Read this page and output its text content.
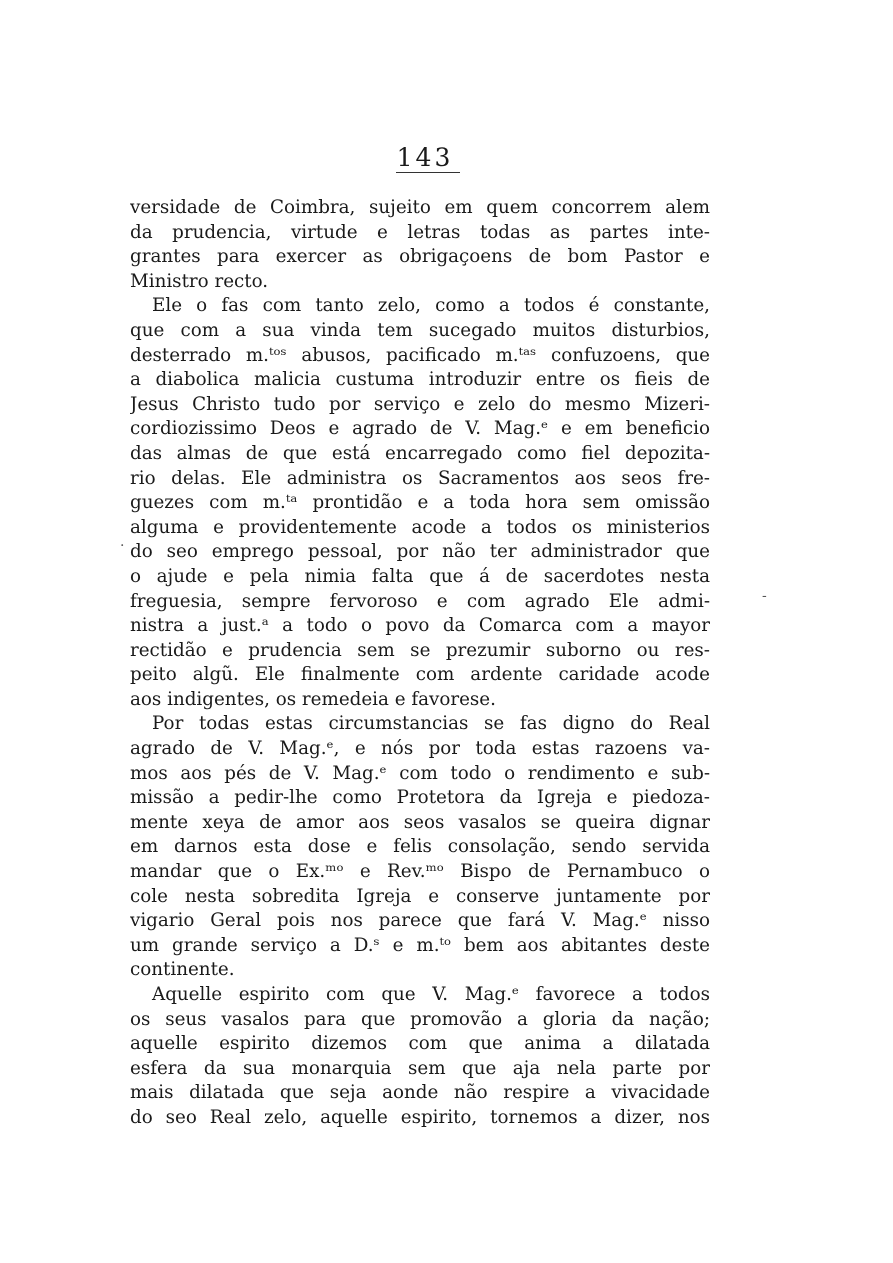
143
versidade de Coimbra, sujeito em quem concorrem alem
da prudencia, virtude e letras todas as partes inte-
grantes para exercer as obrigaçoens de bom Pastor e
Ministro recto.
Ele o fas com tanto zelo, como a todos é constante,
que com a sua vinda tem sucegado muitos disturbios,
desterrado m.ᵗᵒˢ abusos, pacificado m.ᵗᵃˢ confuzoens, que
a diabolica malicia custuma introduzir entre os fieis de
Jesus Christo tudo por serviço e zelo do mesmo Mizeri-
cordiozissimo Deos e agrado de V. Mag.ᵉ e em beneficio
das almas de que está encarregado como fiel depozita-
rio delas. Ele administra os Sacramentos aos seos fre-
guezes com m.ᵗᵃ prontidão e a toda hora sem omissão
alguma e providentemente acode a todos os ministerios
do seo emprego pessoal, por não ter administrador que
o ajude e pela nimia falta que á de sacerdotes nesta
freguesia, sempre fervoroso e com agrado Ele admi-
nistra a just.ᵃ a todo o povo da Comarca com a mayor
rectidão e prudencia sem se prezumir suborno ou res-
peito algũ. Ele finalmente com ardente caridade acode
aos indigentes, os remedeia e favorese.
Por todas estas circumstancias se fas digno do Real
agrado de V. Mag.ᵉ, e nós por toda estas razoens va-
mos aos pés de V. Mag.ᵉ com todo o rendimento e sub-
missão a pedir-lhe como Protetora da Igreja e piedoza-
mente xeya de amor aos seos vasalos se queira dignar
em darnos esta dose e felis consolação, sendo servida
mandar que o Ex.ᵐᵒ e Rev.ᵐᵒ Bispo de Pernambuco o
cole nesta sobredita Igreja e conserve juntamente por
vigario Geral pois nos parece que fará V. Mag.ᵉ nisso
um grande serviço a D.ˢ e m.ᵗᵒ bem aos abitantes deste
continente.
Aquelle espirito com que V. Mag.ᵉ favorece a todos
os seus vasalos para que promovão a gloria da nação;
aquelle espirito dizemos com que anima a dilatada
esfera da sua monarquia sem que aja nela parte por
mais dilatada que seja aonde não respire a vivacidade
do seo Real zelo, aquelle espirito, tornemos a dizer, nos
·
-
